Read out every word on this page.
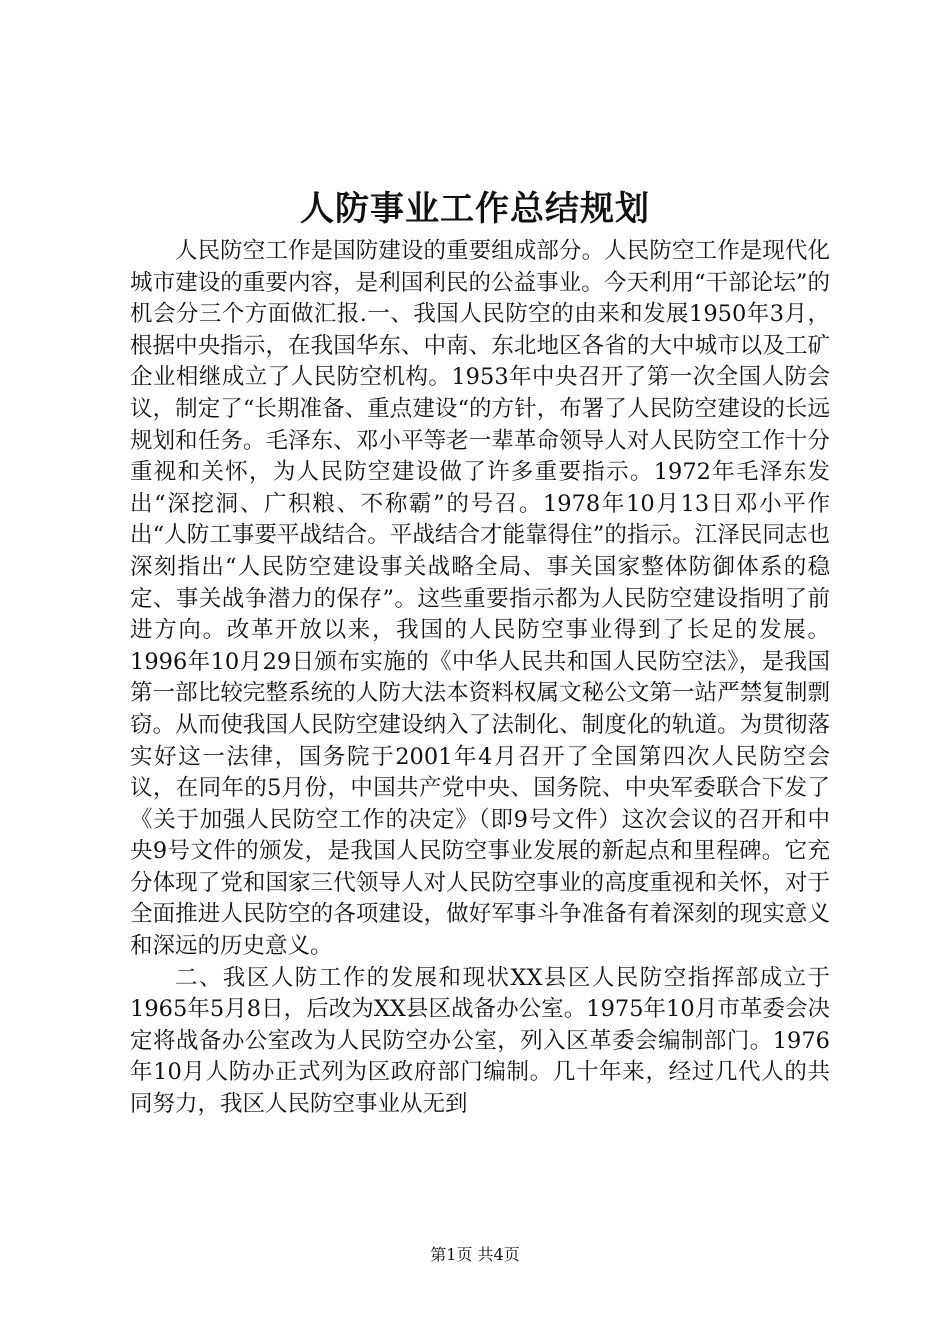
人防事业工作总结规划

人民防空工作是国防建设的重要组成部分。人民防空工作是现代化城市建设的重要内容，是利国利民的公益事业。今天利用“干部论坛”的机会分三个方面做汇报.一、我国人民防空的由来和发展1950年3月，根据中央指示，在我国华东、中南、东北地区各省的大中城市以及工矿企业相继成立了人民防空机构。1953年中央召开了第一次全国人防会议，制定了“长期准备、重点建设“的方针，布署了人民防空建设的长远规划和任务。毛泽东、邓小平等老一辈革命领导人对人民防空工作十分重视和关怀，为人民防空建设做了许多重要指示。1972年毛泽东发出“深挖洞、广积粮、不称霸”的号召。1978年10月13日邓小平作出“人防工事要平战结合。平战结合才能靠得住”的指示。江泽民同志也深刻指出“人民防空建设事关战略全局、事关国家整体防御体系的稳定、事关战争潜力的保存”。这些重要指示都为人民防空建设指明了前进方向。改革开放以来，我国的人民防空事业得到了长足的发展。1996年10月29日颁布实施的《中华人民共和国人民防空法》，是我国第一部比较完整系统的人防大法本资料权属文秘公文第一站严禁复制剽窃。从而使我国人民防空建设纳入了法制化、制度化的轨道。为贯彻落实好这一法律，国务院于2001年4月召开了全国第四次人民防空会议，在同年的5月份，中国共产党中央、国务院、中央军委联合下发了《关于加强人民防空工作的决定》（即9号文件）这次会议的召开和中央9号文件的颁发，是我国人民防空事业发展的新起点和里程碑。它充分体现了党和国家三代领导人对人民防空事业的高度重视和关怀，对于全面推进人民防空的各项建设，做好军事斗争准备有着深刻的现实意义和深远的历史意义。

二、我区人防工作的发展和现状XX县区人民防空指挥部成立于1965年5月8日，后改为XX县区战备办公室。1975年10月市革委会决定将战备办公室改为人民防空办公室，列入区革委会编制部门。1976年10月人防办正式列为区政府部门编制。几十年来，经过几代人的共同努力，我区人民防空事业从无到

第1页 共4页
